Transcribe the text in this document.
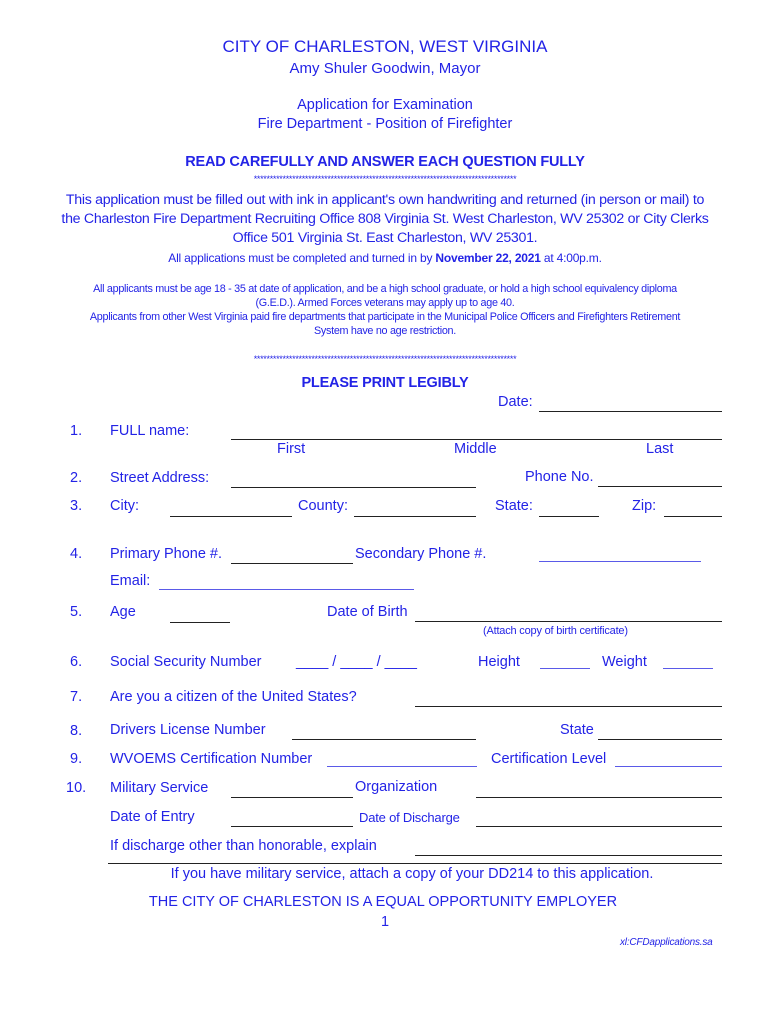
CITY OF CHARLESTON, WEST VIRGINIA
Amy Shuler Goodwin, Mayor
Application for Examination
Fire Department - Position of Firefighter
READ CAREFULLY AND ANSWER EACH QUESTION FULLY
**********************************************************************************
This application must be filled out with ink in applicant's own handwriting and returned (in person or mail) to
the Charleston Fire Department Recruiting Office 808 Virginia St. West Charleston, WV 25302 or City Clerks
Office 501 Virginia St. East Charleston, WV 25301.
All applications must be completed and turned in by November 22, 2021 at 4:00p.m.
All applicants must be age 18 - 35 at date of application, and be a high school graduate, or hold a high school equivalency diploma
(G.E.D.). Armed Forces veterans may apply up to age 40.
Applicants from other West Virginia paid fire departments that participate in the Municipal Police Officers and Firefighters Retirement
System have no age restriction.
**********************************************************************************
PLEASE PRINT LEGIBLY
Date:
1. FULL name:
First	Middle	Last
2. Street Address:	Phone No.
3. City:	County:	State:	Zip:
4. Primary Phone #.	Secondary Phone #.
Email:
5. Age	Date of Birth
(Attach copy of birth certificate)
6. Social Security Number ____ / ____ / ____	Height	Weight
7. Are you a citizen of the United States?
8. Drivers License Number	State
9. WVOEMS Certification Number	Certification Level
10. Military Service	Organization
Date of Entry	Date of Discharge
If discharge other than honorable, explain
If you have military service, attach a copy of your DD214 to this application.
THE CITY OF CHARLESTON IS A EQUAL OPPORTUNITY EMPLOYER
1
xl:CFDapplications.sa
